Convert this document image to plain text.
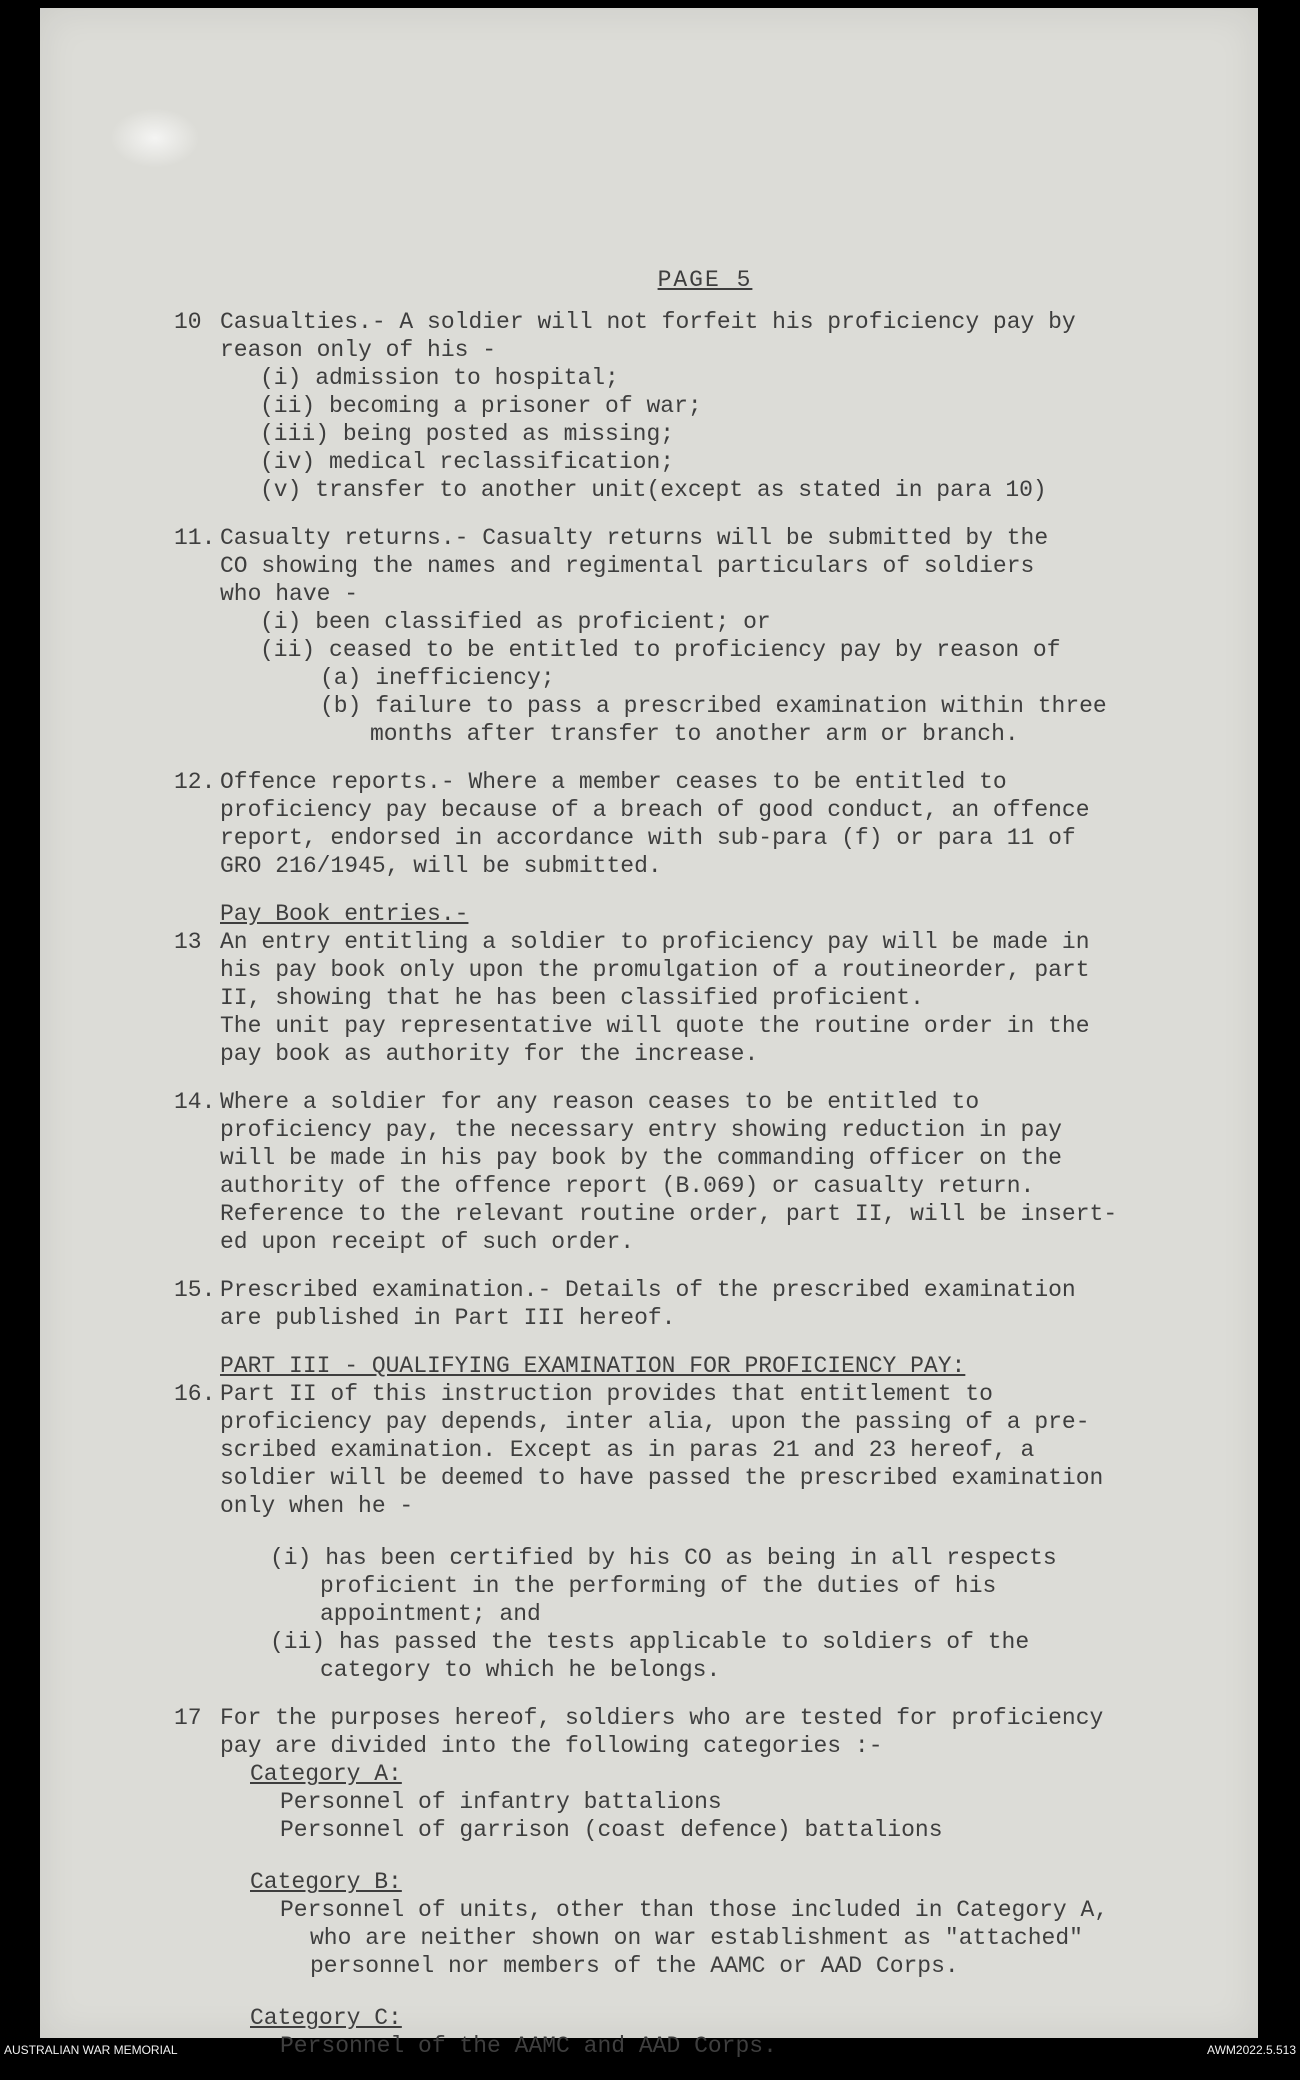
PAGE 5
10 Casualties.- A soldier will not forfeit his proficiency pay by
reason only of his -
(i) admission to hospital;
(ii) becoming a prisoner of war;
(iii) being posted as missing;
(iv) medical reclassification;
(v) transfer to another unit(except as stated in para 10)
11. Casualty returns.- Casualty returns will be submitted by the
CO showing the names and regimental particulars of soldiers
who have -
(i) been classified as proficient; or
(ii) ceased to be entitled to proficiency pay by reason of
(a) inefficiency;
(b) failure to pass a prescribed examination within three
months after transfer to another arm or branch.
12. Offence reports.- Where a member ceases to be entitled to
proficiency pay because of a breach of good conduct, an offence
report, endorsed in accordance with sub-para (f) or para 11 of
GRO 216/1945, will be submitted.
Pay Book entries.-
13 An entry entitling a soldier to proficiency pay will be made in
his pay book only upon the promulgation of a routineorder, part
II, showing that he has been classified proficient.
The unit pay representative will quote the routine order in the
pay book as authority for the increase.
14. Where a soldier for any reason ceases to be entitled to
proficiency pay, the necessary entry showing reduction in pay
will be made in his pay book by the commanding officer on the
authority of the offence report (B.069) or casualty return.
Reference to the relevant routine order, part II, will be insert-
ed upon receipt of such order.
15. Prescribed examination.- Details of the prescribed examination
are published in Part III hereof.
PART III - QUALIFYING EXAMINATION FOR PROFICIENCY PAY:
16. Part II of this instruction provides that entitlement to
proficiency pay depends, inter alia, upon the passing of a pre-
scribed examination. Except as in paras 21 and 23 hereof, a
soldier will be deemed to have passed the prescribed examination
only when he -
(i) has been certified by his CO as being in all respects
proficient in the performing of the duties of his
appointment; and
(ii) has passed the tests applicable to soldiers of the
category to which he belongs.
17 For the purposes hereof, soldiers who are tested for proficiency
pay are divided into the following categories :-
Category A:
Personnel of infantry battalions
Personnel of garrison (coast defence) battalions
Category B:
Personnel of units, other than those included in Category A,
who are neither shown on war establishment as "attached"
personnel nor members of the AAMC or AAD Corps.
Category C:
Personnel of the AAMC and AAD Corps.
AUSTRALIAN WAR MEMORIAL	AWM2022.5.513
